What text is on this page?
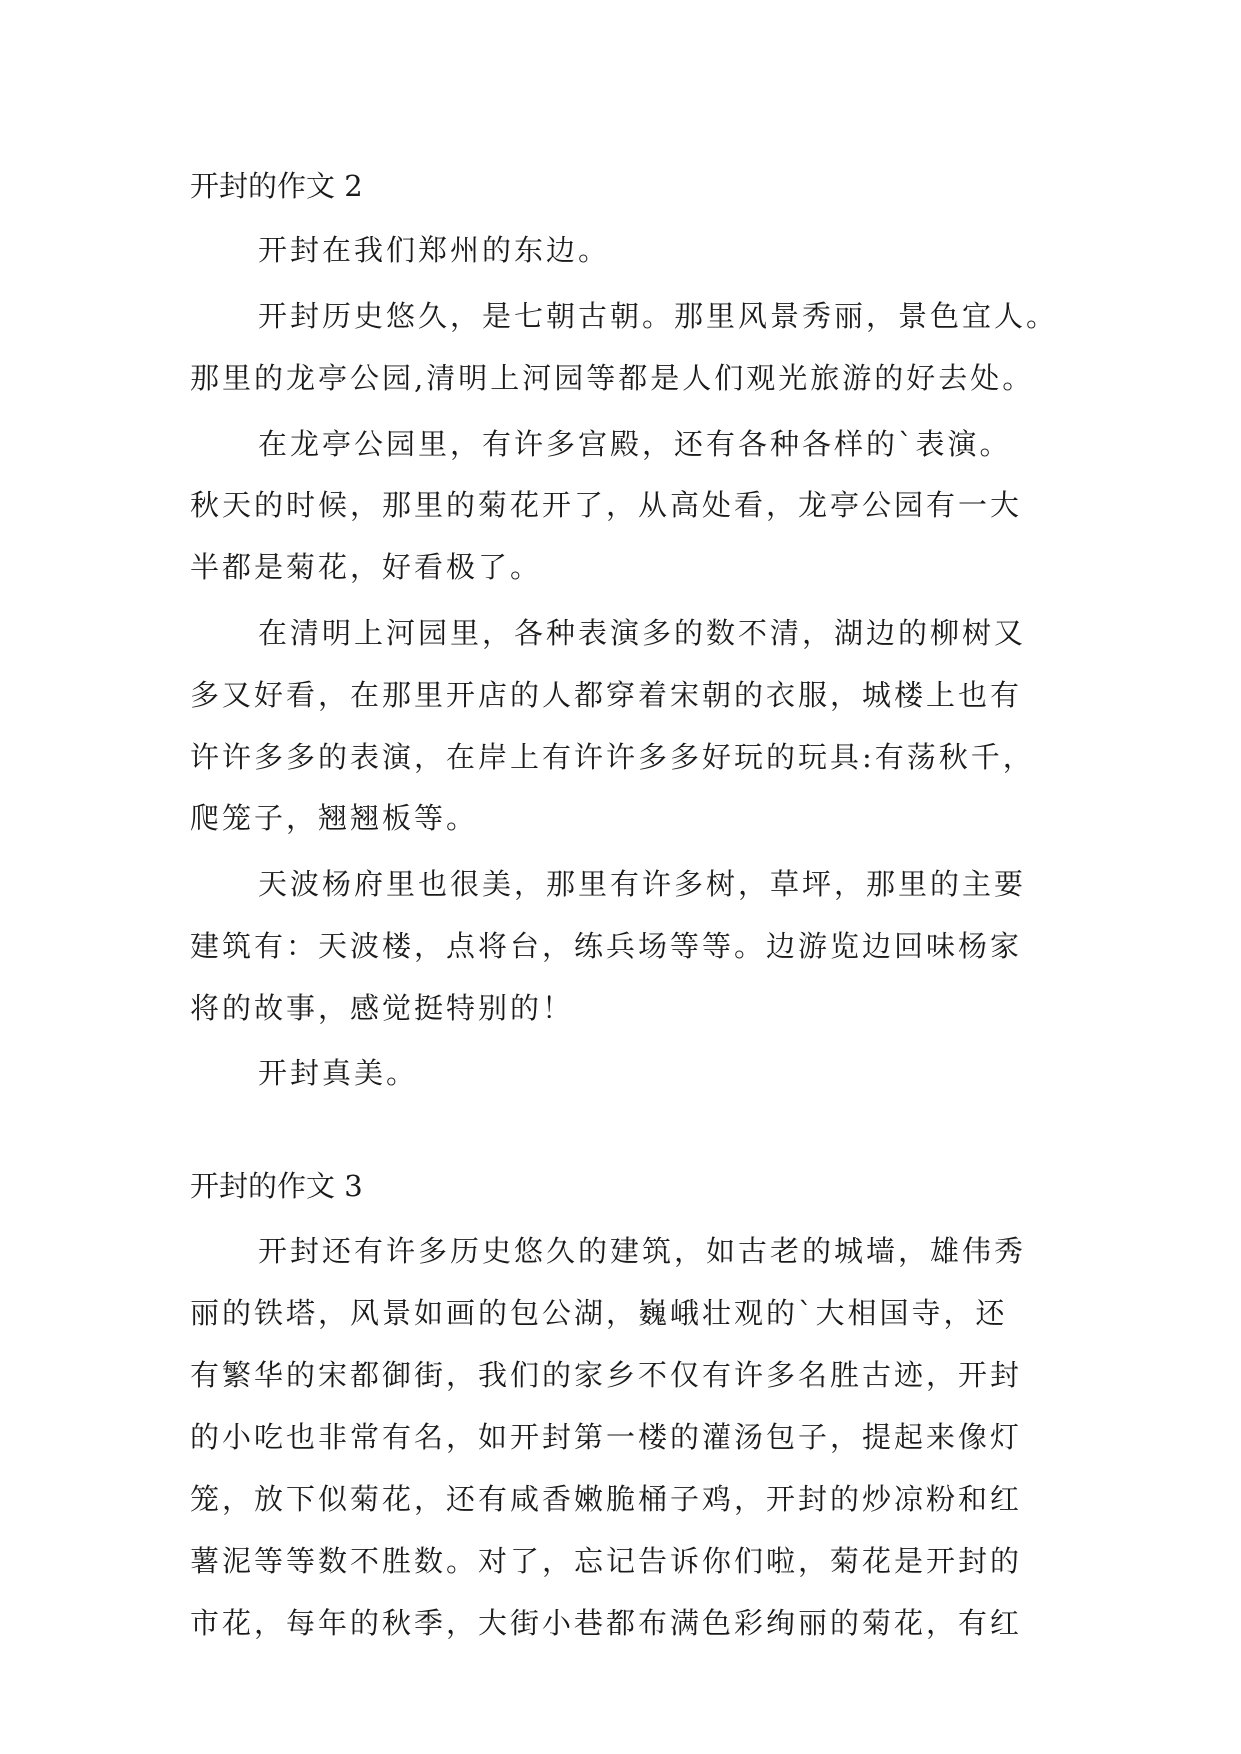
开封的作文 2
开封在我们郑州的东边。
开封历史悠久，是七朝古朝。那里风景秀丽，景色宜人。
那里的龙亭公园,清明上河园等都是人们观光旅游的好去处。
在龙亭公园里，有许多宫殿，还有各种各样的`表演。
秋天的时候，那里的菊花开了，从高处看，龙亭公园有一大
半都是菊花，好看极了。
在清明上河园里，各种表演多的数不清，湖边的柳树又
多又好看，在那里开店的人都穿着宋朝的衣服，城楼上也有
许许多多的表演，在岸上有许许多多好玩的玩具:有荡秋千，
爬笼子，翘翘板等。
天波杨府里也很美，那里有许多树，草坪，那里的主要
建筑有：天波楼，点将台，练兵场等等。边游览边回味杨家
将的故事，感觉挺特别的！
开封真美。
开封的作文 3
开封还有许多历史悠久的建筑，如古老的城墙，雄伟秀
丽的铁塔，风景如画的包公湖，巍峨壮观的`大相国寺，还
有繁华的宋都御街，我们的家乡不仅有许多名胜古迹，开封
的小吃也非常有名，如开封第一楼的灌汤包子，提起来像灯
笼，放下似菊花，还有咸香嫩脆桶子鸡，开封的炒凉粉和红
薯泥等等数不胜数。对了，忘记告诉你们啦，菊花是开封的
市花，每年的秋季，大街小巷都布满色彩绚丽的菊花，有红
